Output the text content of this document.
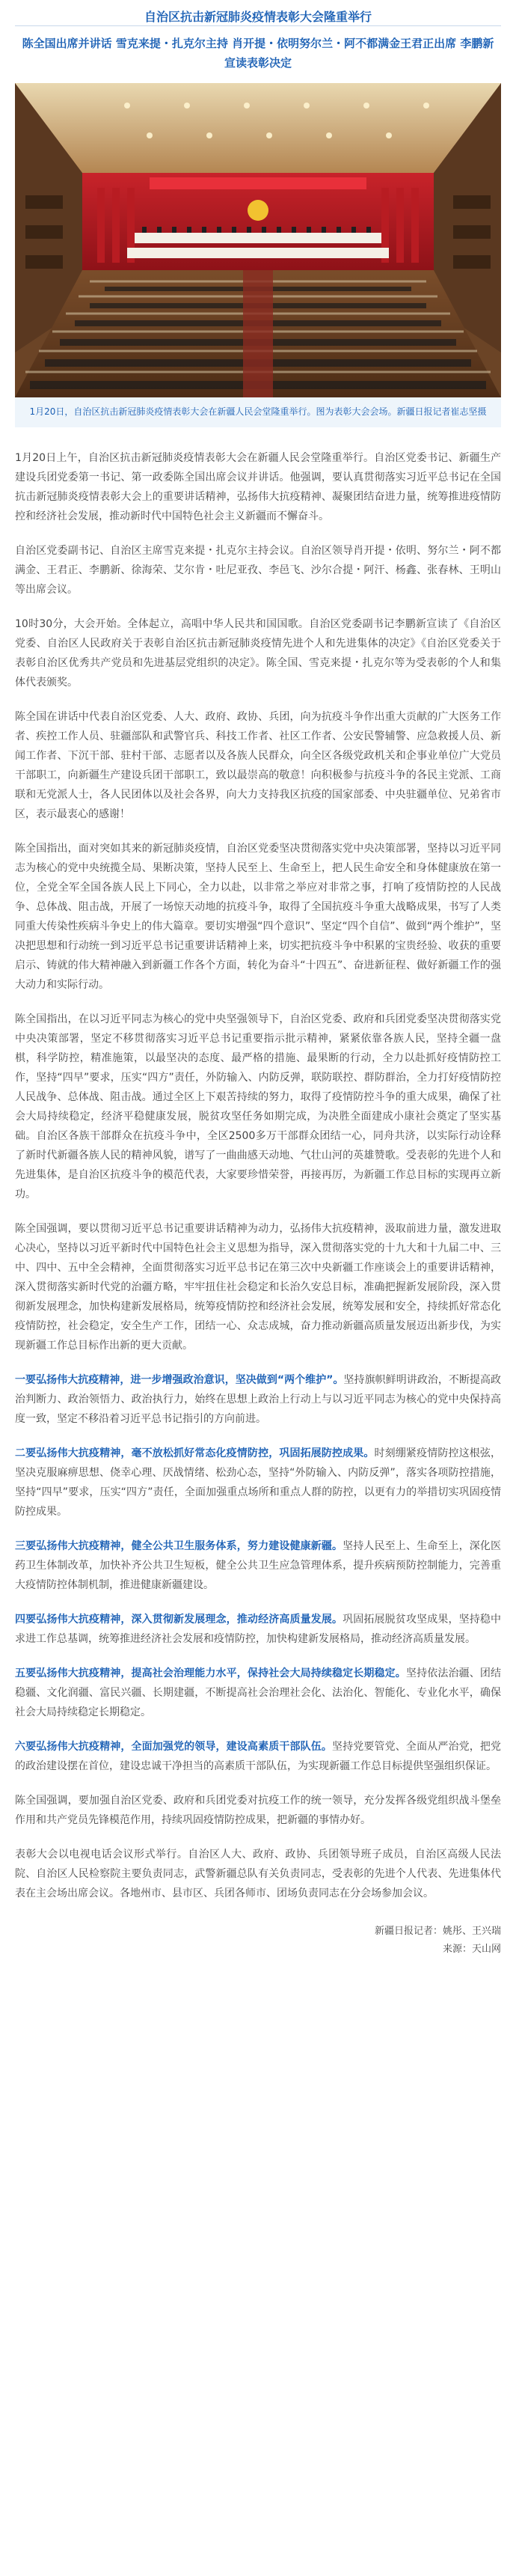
自治区抗击新冠肺炎疫情表彰大会隆重举行
陈全国出席并讲话 雪克来提・扎克尔主持 肖开提・依明努尔兰・阿不都满金王君正出席 李鹏新宣读表彰决定
1月20日，自治区抗击新冠肺炎疫情表彰大会在新疆人民会堂隆重举行。图为表彰大会会场。新疆日报记者崔志坚摄

1月20日上午，自治区抗击新冠肺炎疫情表彰大会在新疆人民会堂隆重举行。自治区党委书记、新疆生产建设兵团党委第一书记、第一政委陈全国出席会议并讲话。他强调，要认真贯彻落实习近平总书记在全国抗击新冠肺炎疫情表彰大会上的重要讲话精神，弘扬伟大抗疫精神、凝聚团结奋进力量，统筹推进疫情防控和经济社会发展，推动新时代中国特色社会主义新疆而不懈奋斗。

自治区党委副书记、自治区主席雪克来提・扎克尔主持会议。自治区领导肖开提・依明、努尔兰・阿不都满金、王君正、李鹏新、徐海荣、艾尔肯・吐尼亚孜、李邑飞、沙尔合提・阿汗、杨鑫、张春林、王明山等出席会议。

10时30分，大会开始。全体起立，高唱中华人民共和国国歌。自治区党委副书记李鹏新宣读了《自治区党委、自治区人民政府关于表彰自治区抗击新冠肺炎疫情先进个人和先进集体的决定》《自治区党委关于表彰自治区优秀共产党员和先进基层党组织的决定》。陈全国、雪克来提・扎克尔等为受表彰的个人和集体代表颁奖。

陈全国在讲话中代表自治区党委、人大、政府、政协、兵团，向为抗疫斗争作出重大贡献的广大医务工作者、疾控工作人员、驻疆部队和武警官兵、科技工作者、社区工作者、公安民警辅警、应急救援人员、新闻工作者、下沉干部、驻村干部、志愿者以及各族人民群众，向全区各级党政机关和企事业单位广大党员干部职工，向新疆生产建设兵团干部职工，致以最崇高的敬意！向积极参与抗疫斗争的各民主党派、工商联和无党派人士，各人民团体以及社会各界，向大力支持我区抗疫的国家部委、中央驻疆单位、兄弟省市区，表示最衷心的感谢！

陈全国指出，面对突如其来的新冠肺炎疫情，自治区党委坚决贯彻落实党中央决策部署，坚持以习近平同志为核心的党中央统揽全局、果断决策，坚持人民至上、生命至上，把人民生命安全和身体健康放在第一位，全党全军全国各族人民上下同心，全力以赴，以非常之举应对非常之事，打响了疫情防控的人民战争、总体战、阻击战，开展了一场惊天动地的抗疫斗争，取得了全国抗疫斗争重大战略成果，书写了人类同重大传染性疾病斗争史上的伟大篇章。要切实增强“四个意识”、坚定“四个自信”、做到“两个维护”，坚决把思想和行动统一到习近平总书记重要讲话精神上来，切实把抗疫斗争中积累的宝贵经验、收获的重要启示、铸就的伟大精神融入到新疆工作各个方面，转化为奋斗“十四五”、奋进新征程、做好新疆工作的强大动力和实际行动。

陈全国指出，在以习近平同志为核心的党中央坚强领导下，自治区党委、政府和兵团党委坚决贯彻落实党中央决策部署，坚定不移贯彻落实习近平总书记重要指示批示精神，紧紧依靠各族人民，坚持全疆一盘棋，科学防控，精准施策，以最坚决的态度、最严格的措施、最果断的行动，全力以赴抓好疫情防控工作，坚持“四早”要求，压实“四方”责任，外防输入、内防反弹，联防联控、群防群治，全力打好疫情防控人民战争、总体战、阻击战。通过全区上下艰苦持续的努力，取得了疫情防控斗争的重大成果，确保了社会大局持续稳定，经济平稳健康发展，脱贫攻坚任务如期完成，为决胜全面建成小康社会奠定了坚实基础。自治区各族干部群众在抗疫斗争中，全区2500多万干部群众团结一心，同舟共济，以实际行动诠释了新时代新疆各族人民的精神风貌，谱写了一曲曲感天动地、气壮山河的英雄赞歌。受表彰的先进个人和先进集体，是自治区抗疫斗争的模范代表，大家要珍惜荣誉，再接再厉，为新疆工作总目标的实现再立新功。

陈全国强调，要以贯彻习近平总书记重要讲话精神为动力，弘扬伟大抗疫精神，汲取前进力量，激发进取心决心，坚持以习近平新时代中国特色社会主义思想为指导，深入贯彻落实党的十九大和十九届二中、三中、四中、五中全会精神，全面贯彻落实习近平总书记在第三次中央新疆工作座谈会上的重要讲话精神，深入贯彻落实新时代党的治疆方略，牢牢扭住社会稳定和长治久安总目标，准确把握新发展阶段，深入贯彻新发展理念，加快构建新发展格局，统筹疫情防控和经济社会发展，统筹发展和安全，持续抓好常态化疫情防控，社会稳定，安全生产工作，团结一心、众志成城，奋力推动新疆高质量发展迈出新步伐，为实现新疆工作总目标作出新的更大贡献。

一要弘扬伟大抗疫精神，进一步增强政治意识，坚决做到“两个维护”。坚持旗帜鲜明讲政治，不断提高政治判断力、政治领悟力、政治执行力，始终在思想上政治上行动上与以习近平同志为核心的党中央保持高度一致，坚定不移沿着习近平总书记指引的方向前进。

二要弘扬伟大抗疫精神，毫不放松抓好常态化疫情防控，巩固拓展防控成果。时刻绷紧疫情防控这根弦，坚决克服麻痹思想、侥幸心理、厌战情绪、松劲心态，坚持“外防输入、内防反弹”，落实各项防控措施，坚持“四早”要求，压实“四方”责任，全面加强重点场所和重点人群的防控，以更有力的举措切实巩固疫情防控成果。

三要弘扬伟大抗疫精神，健全公共卫生服务体系，努力建设健康新疆。坚持人民至上、生命至上，深化医药卫生体制改革，加快补齐公共卫生短板，健全公共卫生应急管理体系，提升疾病预防控制能力，完善重大疫情防控体制机制，推进健康新疆建设。

四要弘扬伟大抗疫精神，深入贯彻新发展理念，推动经济高质量发展。巩固拓展脱贫攻坚成果，坚持稳中求进工作总基调，统筹推进经济社会发展和疫情防控，加快构建新发展格局，推动经济高质量发展。

五要弘扬伟大抗疫精神，提高社会治理能力水平，保持社会大局持续稳定长期稳定。坚持依法治疆、团结稳疆、文化润疆、富民兴疆、长期建疆，不断提高社会治理社会化、法治化、智能化、专业化水平，确保社会大局持续稳定长期稳定。

六要弘扬伟大抗疫精神，全面加强党的领导，建设高素质干部队伍。坚持党要管党、全面从严治党，把党的政治建设摆在首位，建设忠诚干净担当的高素质干部队伍，为实现新疆工作总目标提供坚强组织保证。

陈全国强调，要加强自治区党委、政府和兵团党委对抗疫工作的统一领导，充分发挥各级党组织战斗堡垒作用和共产党员先锋模范作用，持续巩固疫情防控成果，把新疆的事情办好。

表彰大会以电视电话会议形式举行。自治区人大、政府、政协、兵团领导班子成员，自治区高级人民法院、自治区人民检察院主要负责同志，武警新疆总队有关负责同志，受表彰的先进个人代表、先进集体代表在主会场出席会议。各地州市、县市区、兵团各师市、团场负责同志在分会场参加会议。

新疆日报记者：姚彤、王兴瑞
来源：天山网
